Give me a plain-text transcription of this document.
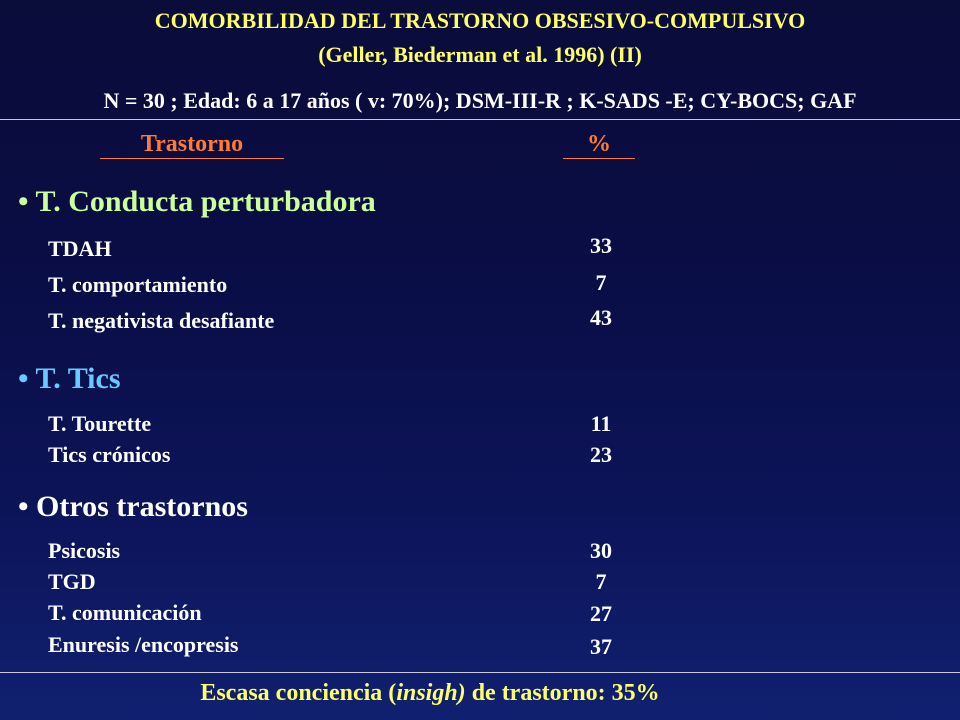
COMORBILIDAD DEL TRASTORNO OBSESIVO-COMPULSIVO
(Geller, Biederman et al. 1996) (II)
N = 30 ; Edad: 6 a 17 años ( v: 70%); DSM-III-R ; K-SADS -E; CY-BOCS; GAF
Trastorno	%
• T. Conducta perturbadora
TDAH	33
T. comportamiento	7
T. negativista desafiante	43
• T. Tics
T. Tourette	11
Tics crónicos	23
• Otros trastornos
Psicosis	30
TGD	7
T. comunicación	27
Enuresis /encopresis	37
Escasa conciencia (insigh) de trastorno: 35%
